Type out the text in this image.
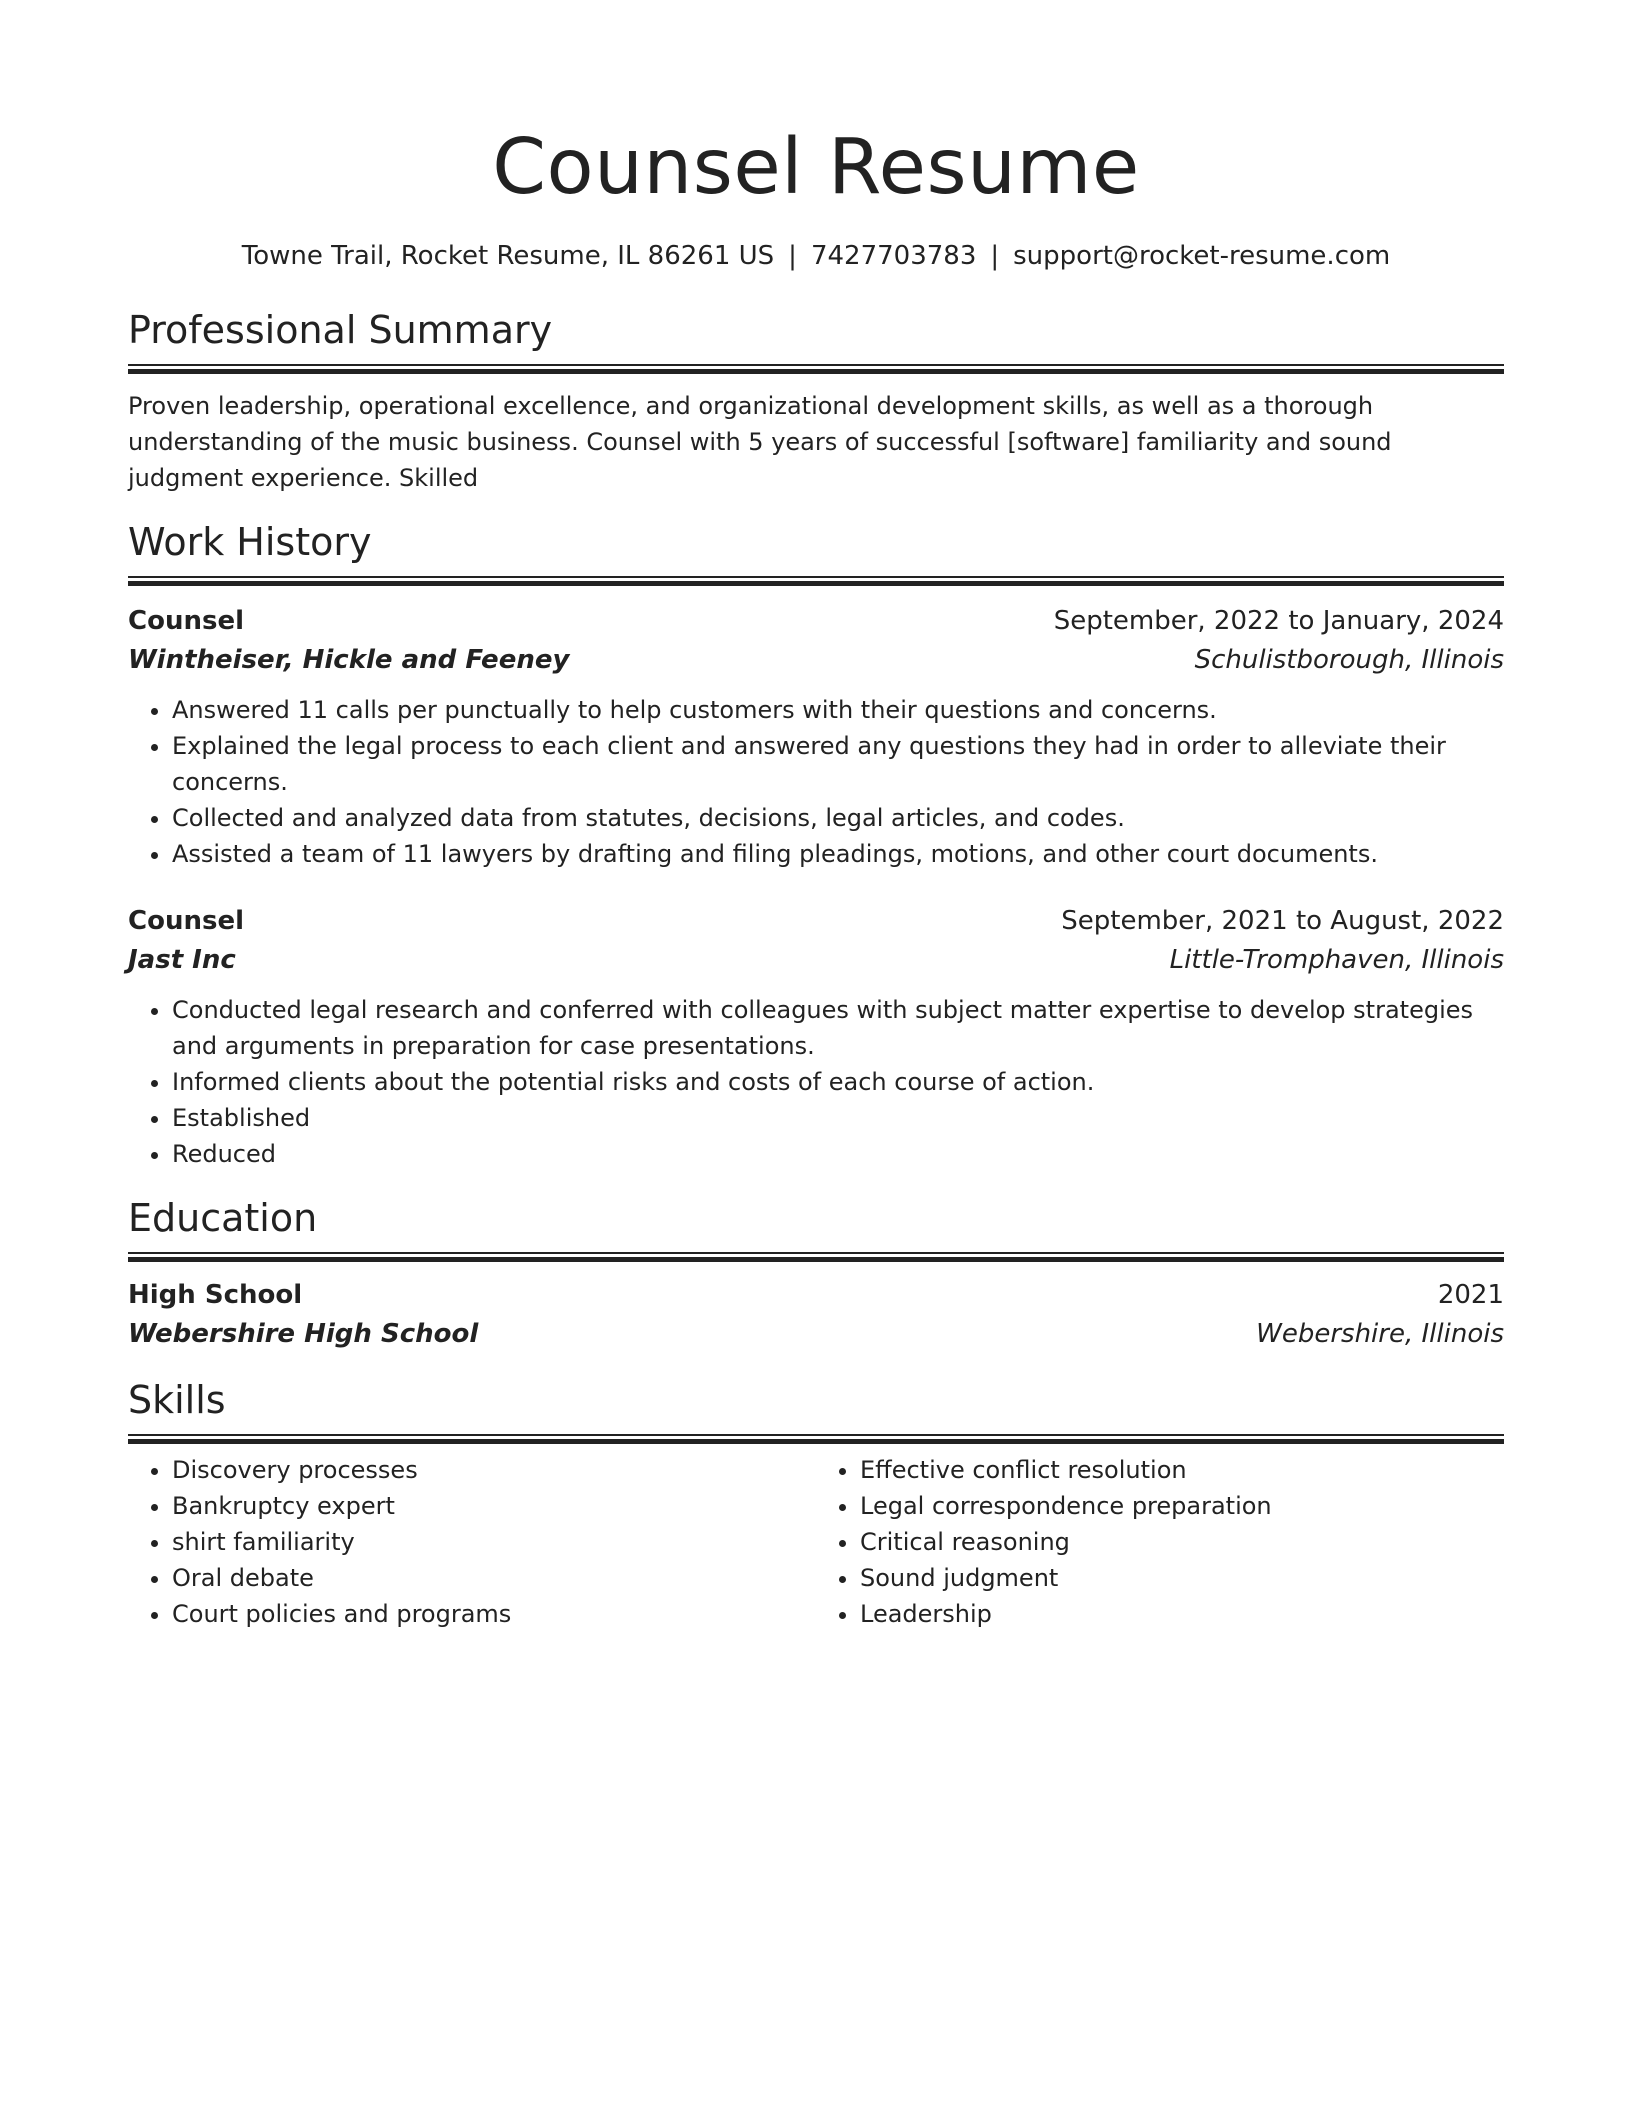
Counsel Resume
Towne Trail, Rocket Resume, IL 86261 US | 7427703783 | support@rocket-resume.com
Professional Summary
Proven leadership, operational excellence, and organizational development skills, as well as a thorough understanding of the music business. Counsel with 5 years of successful [software] familiarity and sound judgment experience. Skilled
Work History
Counsel	September, 2022 to January, 2024
Wintheiser, Hickle and Feeney	Schulistborough, Illinois
• Answered 11 calls per punctually to help customers with their questions and concerns.
• Explained the legal process to each client and answered any questions they had in order to alleviate their concerns.
• Collected and analyzed data from statutes, decisions, legal articles, and codes.
• Assisted a team of 11 lawyers by drafting and filing pleadings, motions, and other court documents.
Counsel	September, 2021 to August, 2022
Jast Inc	Little-Tromphaven, Illinois
• Conducted legal research and conferred with colleagues with subject matter expertise to develop strategies and arguments in preparation for case presentations.
• Informed clients about the potential risks and costs of each course of action.
• Established
• Reduced
Education
High School	2021
Webershire High School	Webershire, Illinois
Skills
• Discovery processes
• Bankruptcy expert
• shirt familiarity
• Oral debate
• Court policies and programs
• Effective conflict resolution
• Legal correspondence preparation
• Critical reasoning
• Sound judgment
• Leadership
